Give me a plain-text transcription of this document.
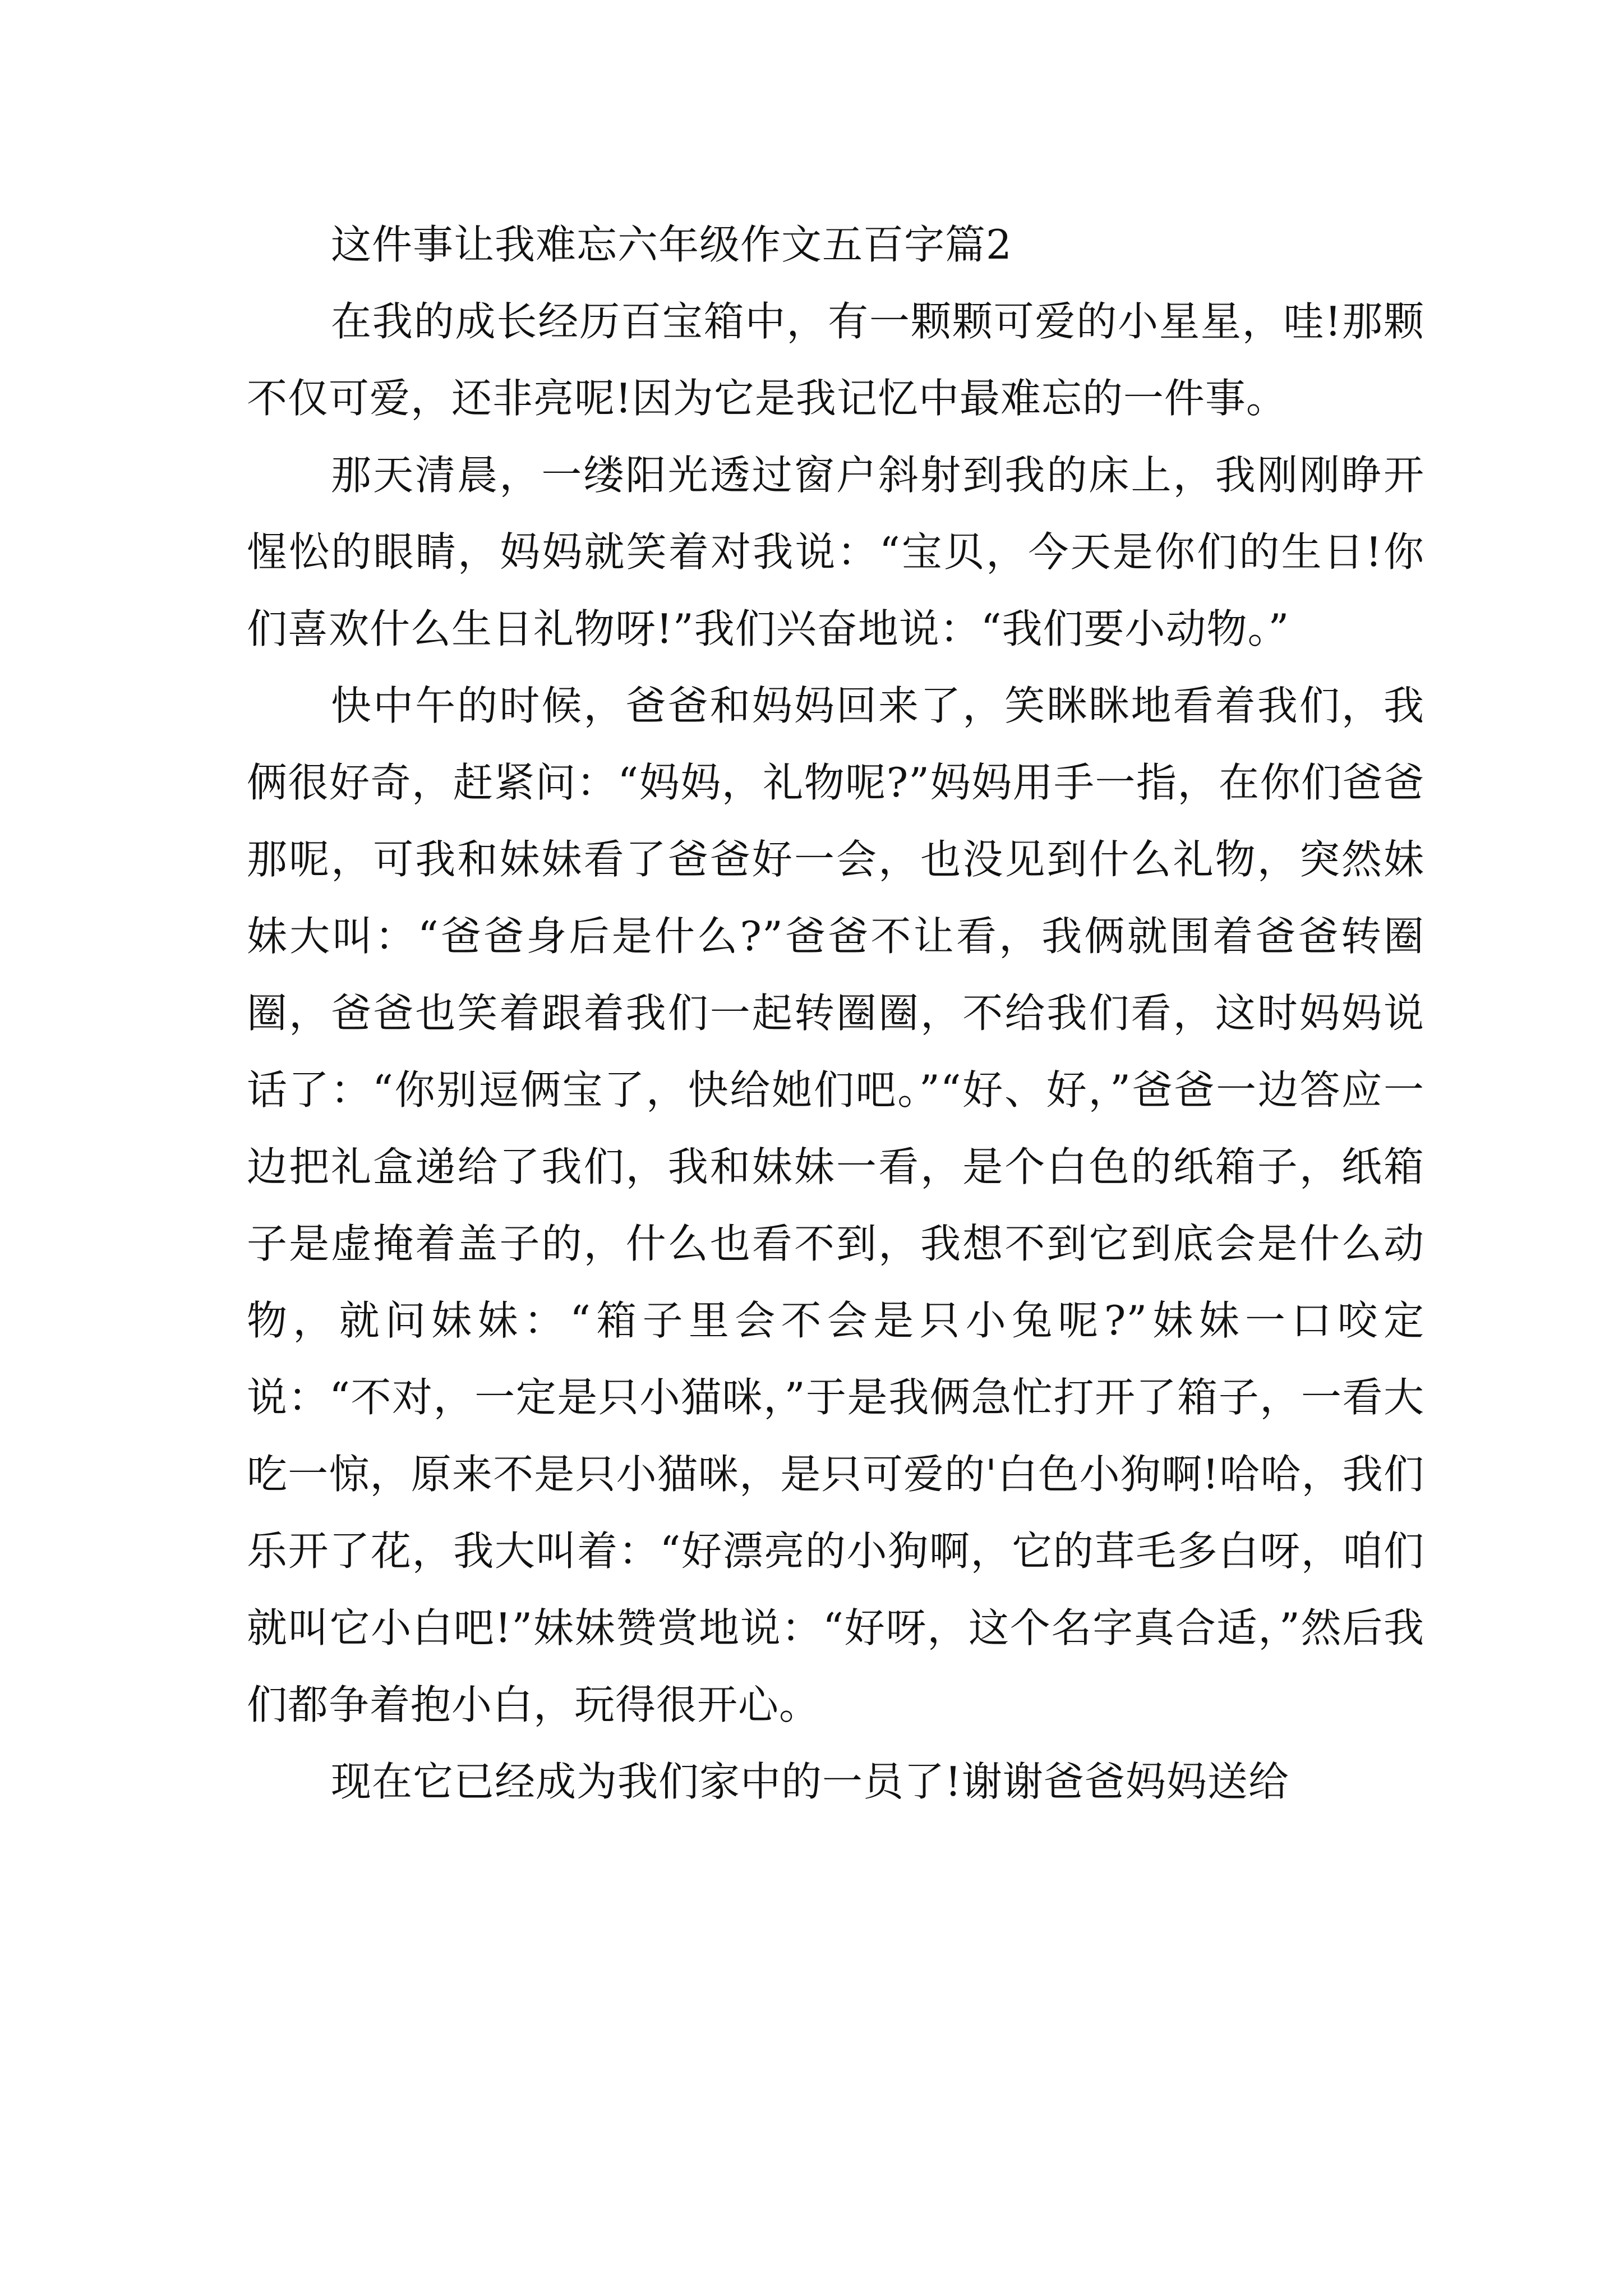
这件事让我难忘六年级作文五百字篇2

在我的成长经历百宝箱中，有一颗颗可爱的小星星，哇!那颗不仅可爱，还非亮呢!因为它是我记忆中最难忘的一件事。

那天清晨，一缕阳光透过窗户斜射到我的床上，我刚刚睁开惺忪的眼睛，妈妈就笑着对我说：“宝贝，今天是你们的生日!你们喜欢什么生日礼物呀!”我们兴奋地说：“我们要小动物。”

快中午的时候，爸爸和妈妈回来了，笑眯眯地看着我们，我俩很好奇，赶紧问：“妈妈，礼物呢?”妈妈用手一指，在你们爸爸那呢，可我和妹妹看了爸爸好一会，也没见到什么礼物，突然妹妹大叫：“爸爸身后是什么?”爸爸不让看，我俩就围着爸爸转圈圈，爸爸也笑着跟着我们一起转圈圈，不给我们看，这时妈妈说话了：“你别逗俩宝了，快给她们吧。”“好、好，”爸爸一边答应一边把礼盒递给了我们，我和妹妹一看，是个白色的纸箱子，纸箱子是虚掩着盖子的，什么也看不到，我想不到它到底会是什么动物，就问妹妹：“箱子里会不会是只小兔呢?”妹妹一口咬定说：“不对，一定是只小猫咪，”于是我俩急忙打开了箱子，一看大吃一惊，原来不是只小猫咪，是只可爱的'白色小狗啊!哈哈，我们乐开了花，我大叫着：“好漂亮的小狗啊，它的茸毛多白呀，咱们就叫它小白吧!”妹妹赞赏地说：“好呀，这个名字真合适，”然后我们都争着抱小白，玩得很开心。

现在它已经成为我们家中的一员了!谢谢爸爸妈妈送给
